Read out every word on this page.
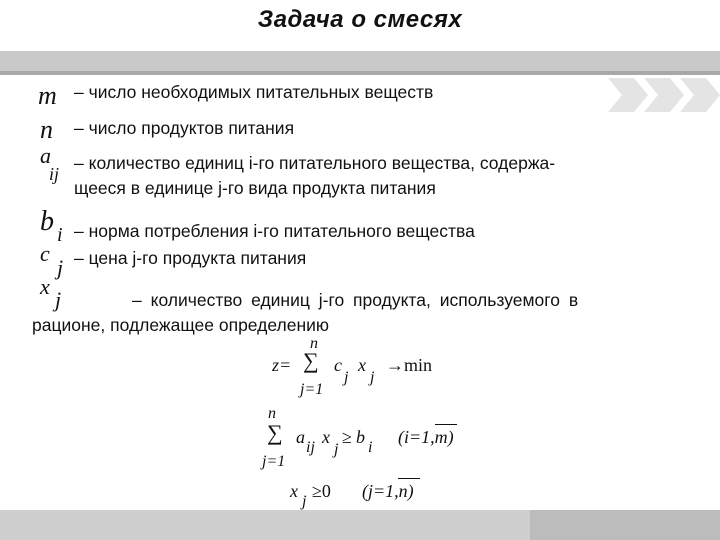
Задача о смесях
m – число необходимых питательных веществ
n – число продуктов питания
a
ij
– количество единиц i-го питательного вещества, содержа-
щееся в единице j-го вида продукта питания
b i – норма потребления i-го питательного вещества
c
j – цена j-го продукта питания
x
j	– количество единиц j-го продукта, используемого в
рационе, подлежащее определению
z=
n
∑
j=1
c
j
x
j
→min
n
∑
j=1
a
ij
x
j
≥ b
i
(i=1,m)
x
j
≥0 (j=1,n)
